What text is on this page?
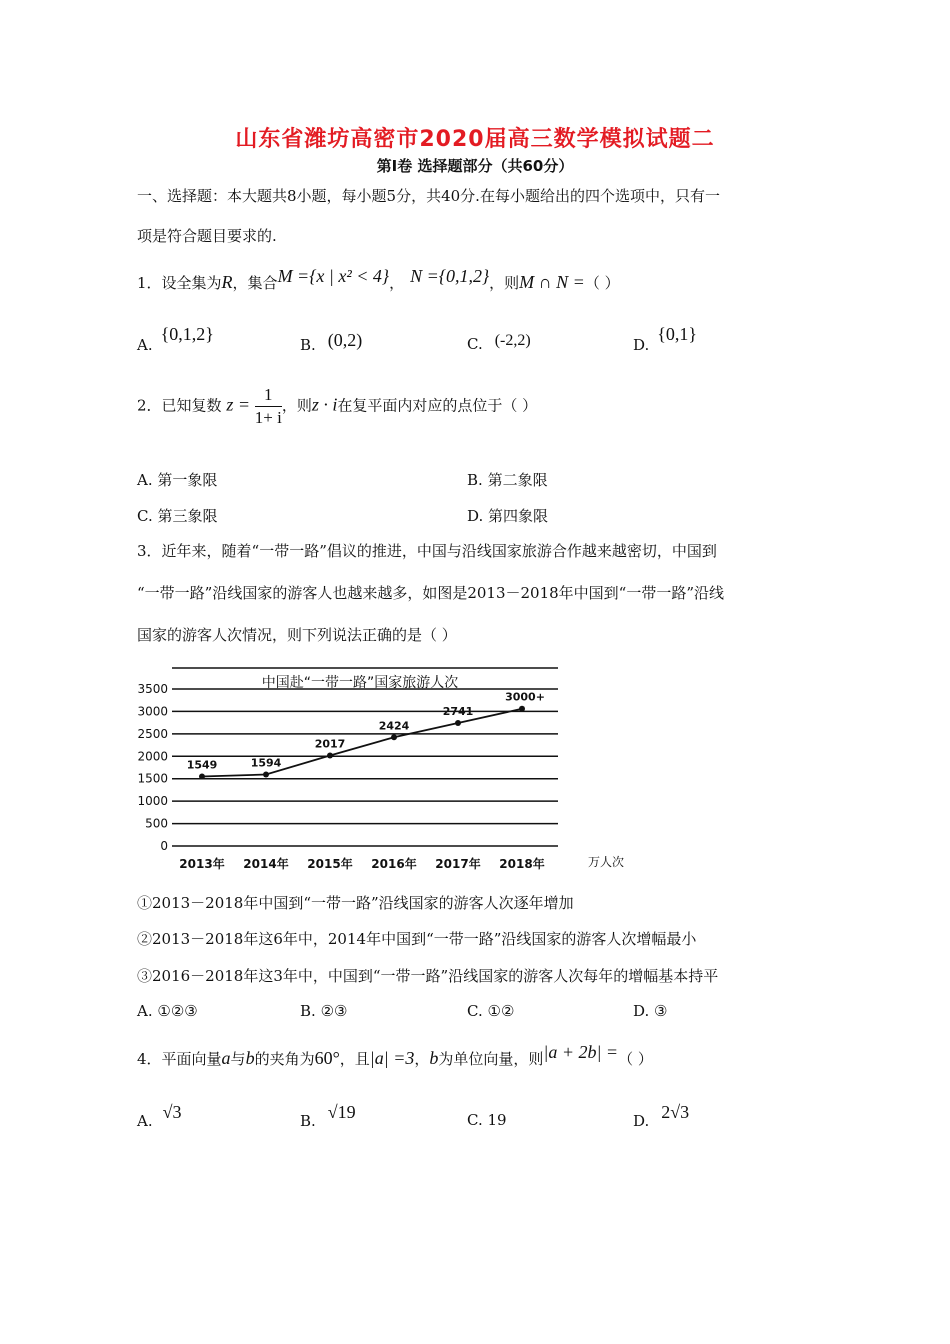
山东省潍坊高密市2020届高三数学模拟试题二
第Ⅰ卷 选择题部分（共60分）
一、选择题：本大题共8小题，每小题5分，共40分.在每小题给出的四个选项中，只有一
项是符合题目要求的.
1．设全集为R，集合M ={x | x² < 4}， N ={0,1,2}，则M ∩ N =（ ）
A.{0,1,2}
B. (0,2)	C. (-2,2)	D.{0,1}
2．已知复数 $z = \frac{1}{1+ i}$ ，则z · i在复平面内对应的点位于（ ）
A. 第一象限	B. 第二象限
C. 第三象限	D. 第四象限
3．近年来，随着“一带一路”倡议的推进，中国与沿线国家旅游合作越来越密切，中国到
“一带一路”沿线国家的游客人也越来越多，如图是2013－2018年中国到“一带一路”沿线
国家的游客人次情况，则下列说法正确的是（ ）
0
500
1000
1500
2000
2500
3000
3500	中国赴“一带一路”国家旅游人次
1549	1594
2017
2424
2741
3000+
2013年 2014年 2015年 2016年 2017年 2018年	万人次
①2013－2018年中国到“一带一路”沿线国家的游客人次逐年增加
②2013－2018年这6年中，2014年中国到“一带一路”沿线国家的游客人次增幅最小
③2016－2018年这3年中，中国到“一带一路”沿线国家的游客人次每年的增幅基本持平
A. ①②③	B. ②③	C. ①②	D. ③
4．平面向量a与b的夹角为60°，且|a| =3，b为单位向量，则|a + 2b| =（ ）
A. √3	B. √19	C. 19	D. 2√3
